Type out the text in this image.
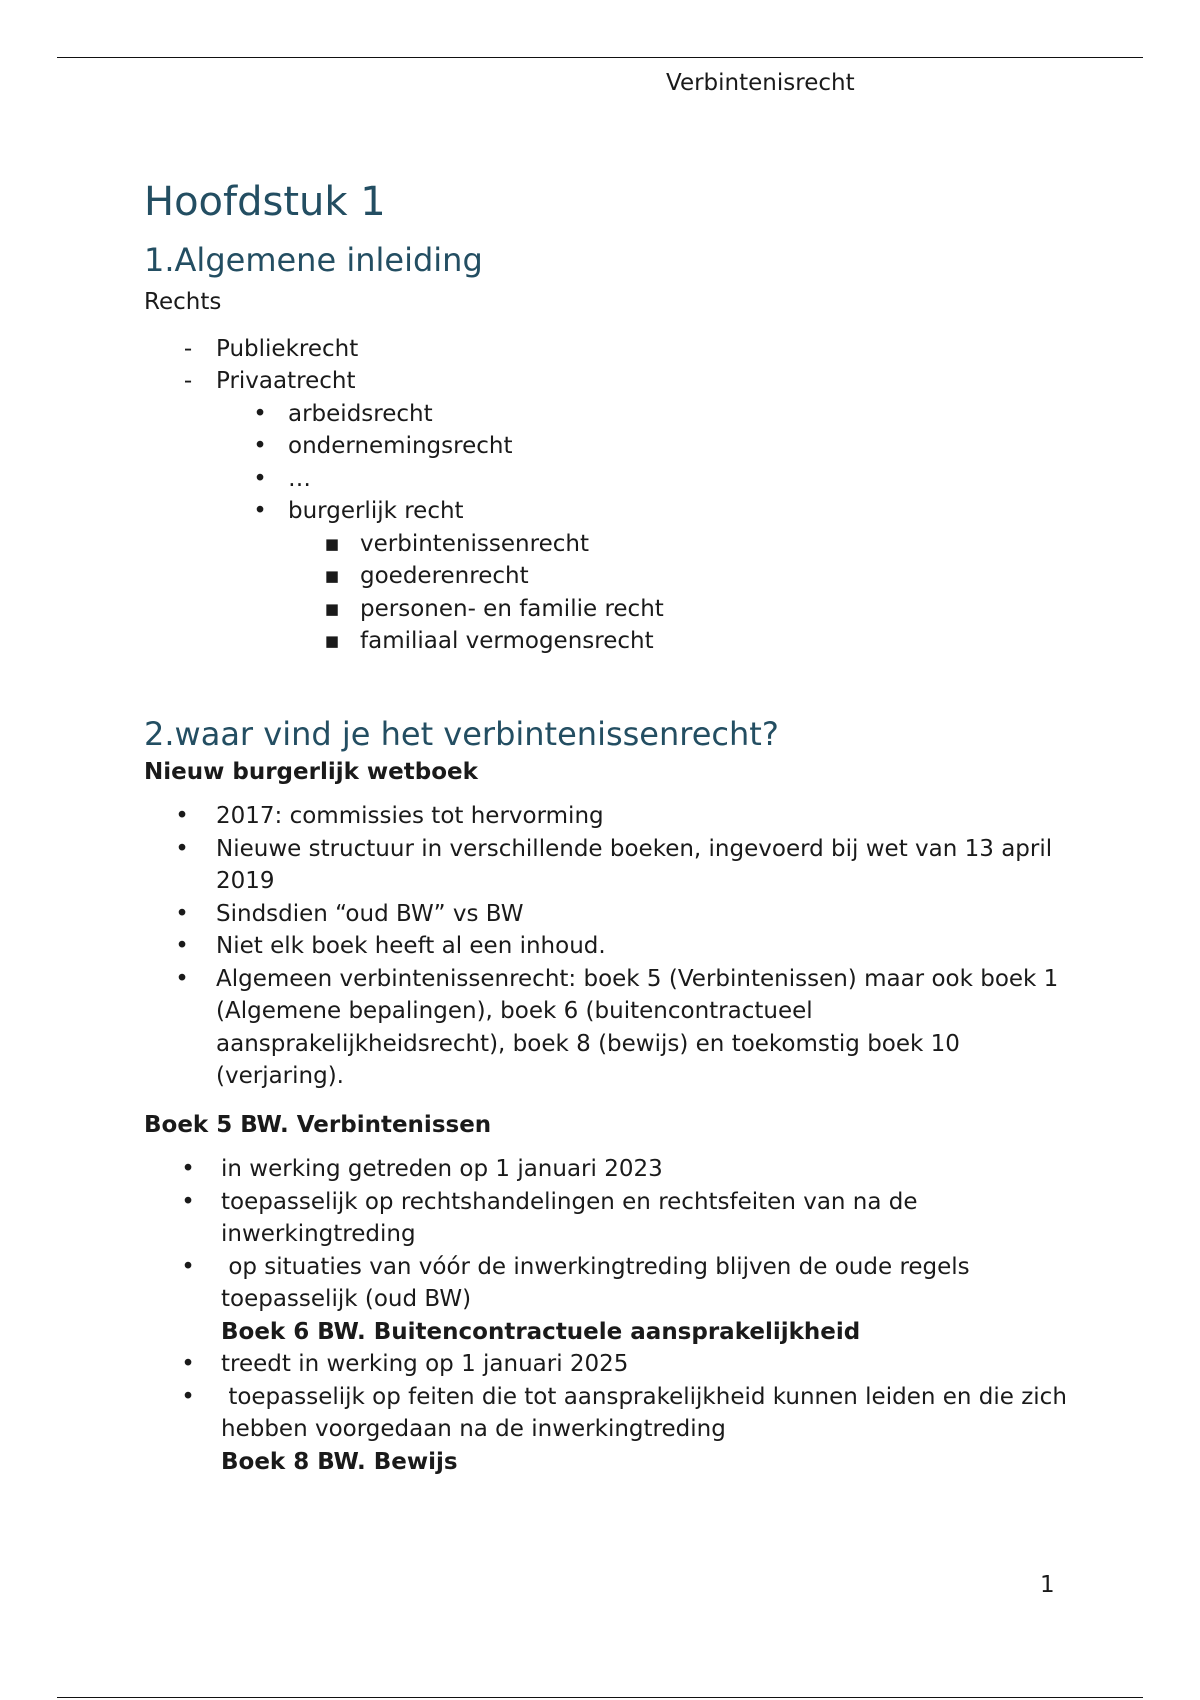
Verbintenisrecht
Hoofdstuk 1
1.Algemene inleiding

Rechts

- Publiekrecht
- Privaatrecht
• arbeidsrecht
• ondernemingsrecht
• …
• burgerlijk recht
▪ verbintenissenrecht
▪ goederenrecht
▪ personen- en familie recht
▪ familiaal vermogensrecht
2.waar vind je het verbintenissenrecht?

Nieuw burgerlijk wetboek

• 2017: commissies tot hervorming
• Nieuwe structuur in verschillende boeken, ingevoerd bij wet van 13 april 2019
• Sindsdien “oud BW” vs BW
• Niet elk boek heeft al een inhoud.
• Algemeen verbintenissenrecht: boek 5 (Verbintenissen) maar ook boek 1 (Algemene bepalingen), boek 6 (buitencontractueel aansprakelijkheidsrecht), boek 8 (bewijs) en toekomstig boek 10 (verjaring).

Boek 5 BW. Verbintenissen

• in werking getreden op 1 januari 2023
• toepasselijk op rechtshandelingen en rechtsfeiten van na de inwerkingtreding
• op situaties van vóór de inwerkingtreding blijven de oude regels toepasselijk (oud BW)
Boek 6 BW. Buitencontractuele aansprakelijkheid
• treedt in werking op 1 januari 2025
• toepasselijk op feiten die tot aansprakelijkheid kunnen leiden en die zich hebben voorgedaan na de inwerkingtreding
Boek 8 BW. Bewijs
1
